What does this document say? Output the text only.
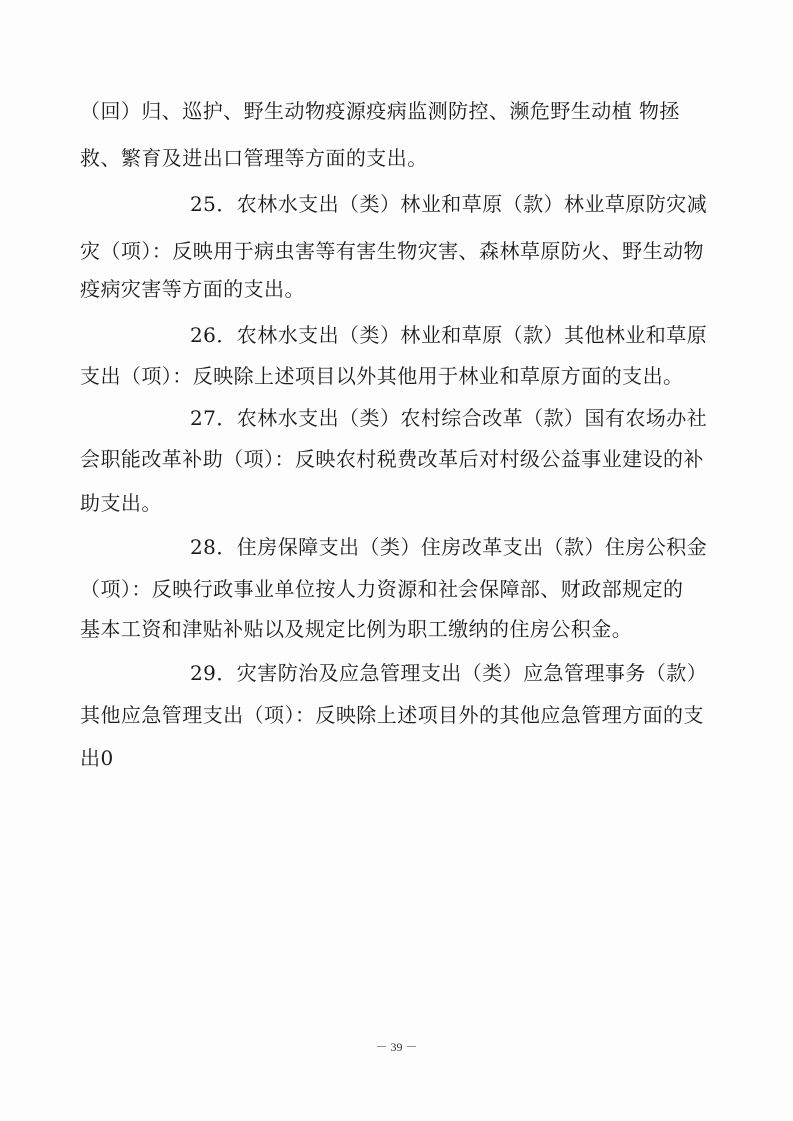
（回）归、巡护、野生动物疫源疫病监测防控、濒危野生动植 物拯
救、繁育及进出口管理等方面的支出。
25．农林水支出（类）林业和草原（款）林业草原防灾减
灾（项）：反映用于病虫害等有害生物灾害、森林草原防火、野生动物
疫病灾害等方面的支出。
26．农林水支出（类）林业和草原（款）其他林业和草原
支出（项）：反映除上述项目以外其他用于林业和草原方面的支出。
27．农林水支出（类）农村综合改革（款）国有农场办社
会职能改革补助（项）：反映农村税费改革后对村级公益事业建设的补
助支出。
28．住房保障支出（类）住房改革支出（款）住房公积金
（项）：反映行政事业单位按人力资源和社会保障部、财政部规定的
基本工资和津贴补贴以及规定比例为职工缴纳的住房公积金。
29．灾害防治及应急管理支出（类）应急管理事务（款）
其他应急管理支出（项）：反映除上述项目外的其他应急管理方面的支
出0
－ 39 －
